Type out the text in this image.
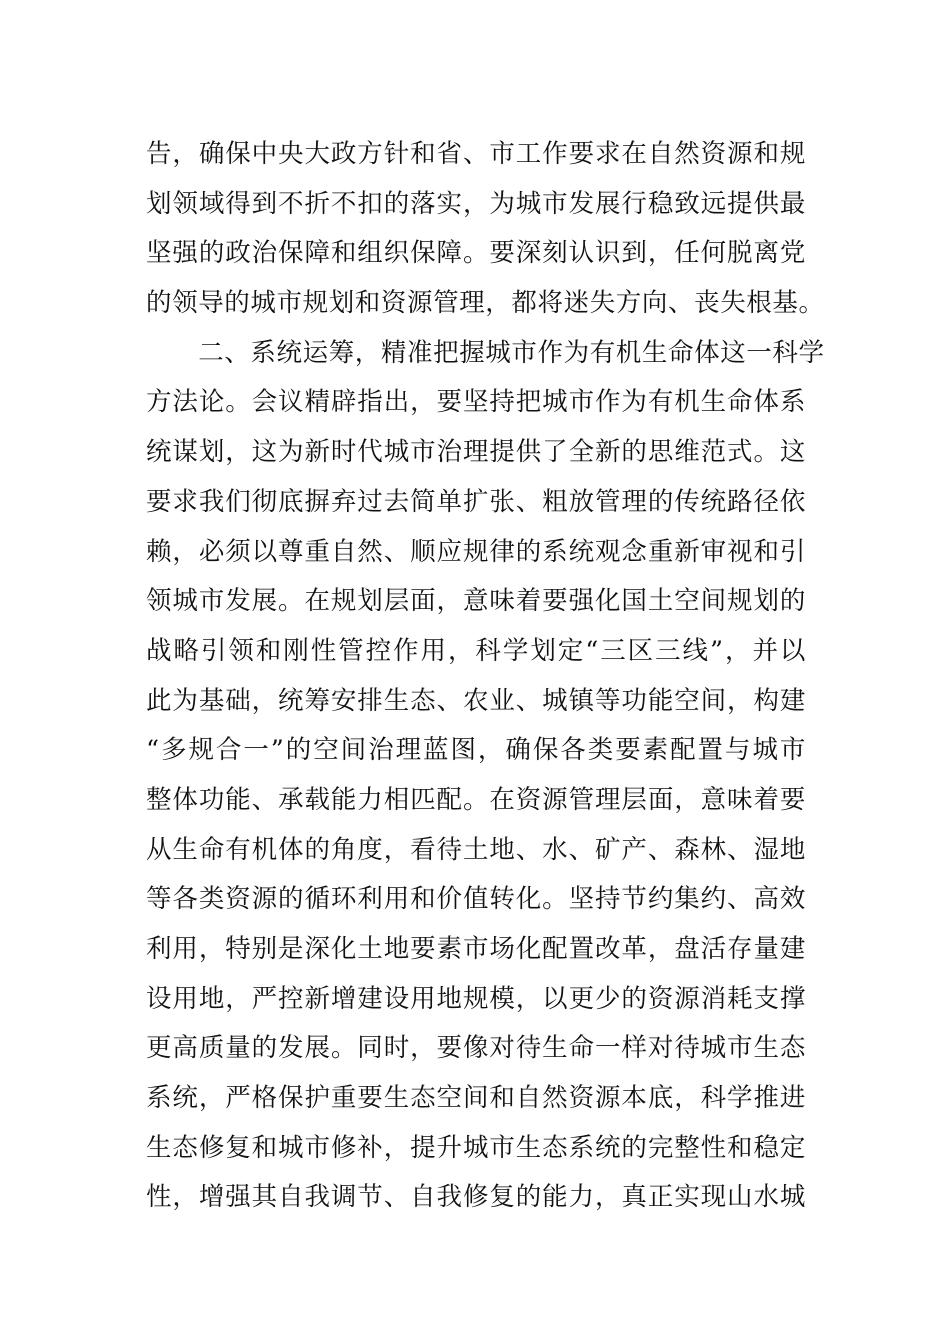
告，确保中央大政方针和省、市工作要求在自然资源和规
划领域得到不折不扣的落实，为城市发展行稳致远提供最
坚强的政治保障和组织保障。要深刻认识到，任何脱离党
的领导的城市规划和资源管理，都将迷失方向、丧失根基。
　　二、系统运筹，精准把握城市作为有机生命体这一科学
方法论。会议精辟指出，要坚持把城市作为有机生命体系
统谋划，这为新时代城市治理提供了全新的思维范式。这
要求我们彻底摒弃过去简单扩张、粗放管理的传统路径依
赖，必须以尊重自然、顺应规律的系统观念重新审视和引
领城市发展。在规划层面，意味着要强化国土空间规划的
战略引领和刚性管控作用，科学划定“三区三线”，并以
此为基础，统筹安排生态、农业、城镇等功能空间，构建
“多规合一”的空间治理蓝图，确保各类要素配置与城市
整体功能、承载能力相匹配。在资源管理层面，意味着要
从生命有机体的角度，看待土地、水、矿产、森林、湿地
等各类资源的循环利用和价值转化。坚持节约集约、高效
利用，特别是深化土地要素市场化配置改革，盘活存量建
设用地，严控新增建设用地规模，以更少的资源消耗支撑
更高质量的发展。同时，要像对待生命一样对待城市生态
系统，严格保护重要生态空间和自然资源本底，科学推进
生态修复和城市修补，提升城市生态系统的完整性和稳定
性，增强其自我调节、自我修复的能力，真正实现山水城
